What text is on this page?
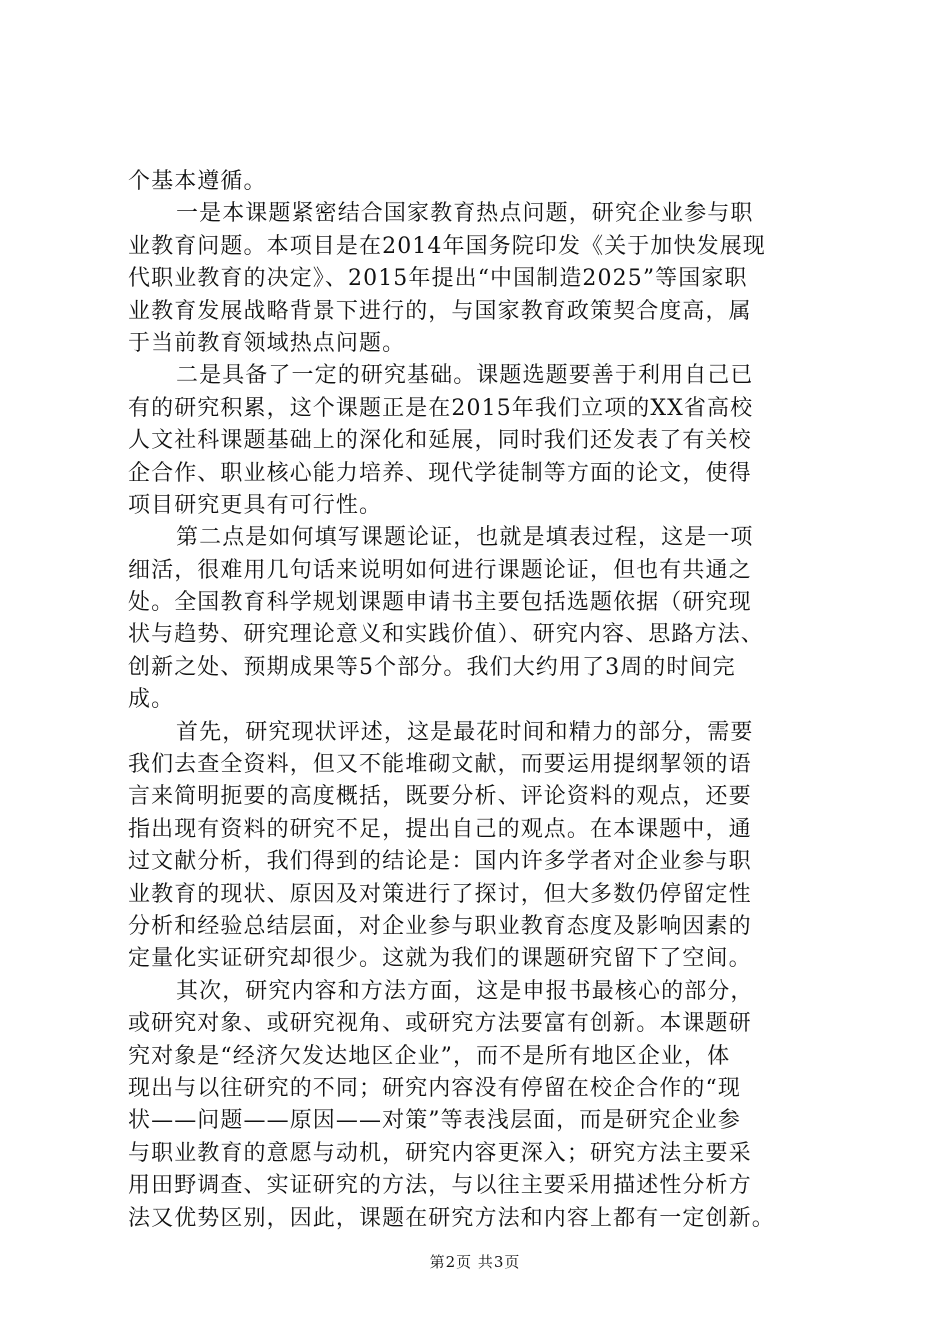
个基本遵循。
一是本课题紧密结合国家教育热点问题，研究企业参与职
业教育问题。本项目是在2014年国务院印发《关于加快发展现
代职业教育的决定》、2015年提出“中国制造2025”等国家职
业教育发展战略背景下进行的，与国家教育政策契合度高，属
于当前教育领域热点问题。
二是具备了一定的研究基础。课题选题要善于利用自己已
有的研究积累，这个课题正是在2015年我们立项的XX省高校
人文社科课题基础上的深化和延展，同时我们还发表了有关校
企合作、职业核心能力培养、现代学徒制等方面的论文，使得
项目研究更具有可行性。
第二点是如何填写课题论证，也就是填表过程，这是一项
细活，很难用几句话来说明如何进行课题论证，但也有共通之
处。全国教育科学规划课题申请书主要包括选题依据（研究现
状与趋势、研究理论意义和实践价值）、研究内容、思路方法、
创新之处、预期成果等5个部分。我们大约用了3周的时间完
成。
首先，研究现状评述，这是最花时间和精力的部分，需要
我们去查全资料，但又不能堆砌文献，而要运用提纲挈领的语
言来简明扼要的高度概括，既要分析、评论资料的观点，还要
指出现有资料的研究不足，提出自己的观点。在本课题中，通
过文献分析，我们得到的结论是：国内许多学者对企业参与职
业教育的现状、原因及对策进行了探讨，但大多数仍停留定性
分析和经验总结层面，对企业参与职业教育态度及影响因素的
定量化实证研究却很少。这就为我们的课题研究留下了空间。
其次，研究内容和方法方面，这是申报书最核心的部分，
或研究对象、或研究视角、或研究方法要富有创新。本课题研
究对象是“经济欠发达地区企业”，而不是所有地区企业，体
现出与以往研究的不同；研究内容没有停留在校企合作的“现
状——问题——原因——对策”等表浅层面，而是研究企业参
与职业教育的意愿与动机，研究内容更深入；研究方法主要采
用田野调查、实证研究的方法，与以往主要采用描述性分析方
法又优势区别，因此，课题在研究方法和内容上都有一定创新。
第2页 共3页
